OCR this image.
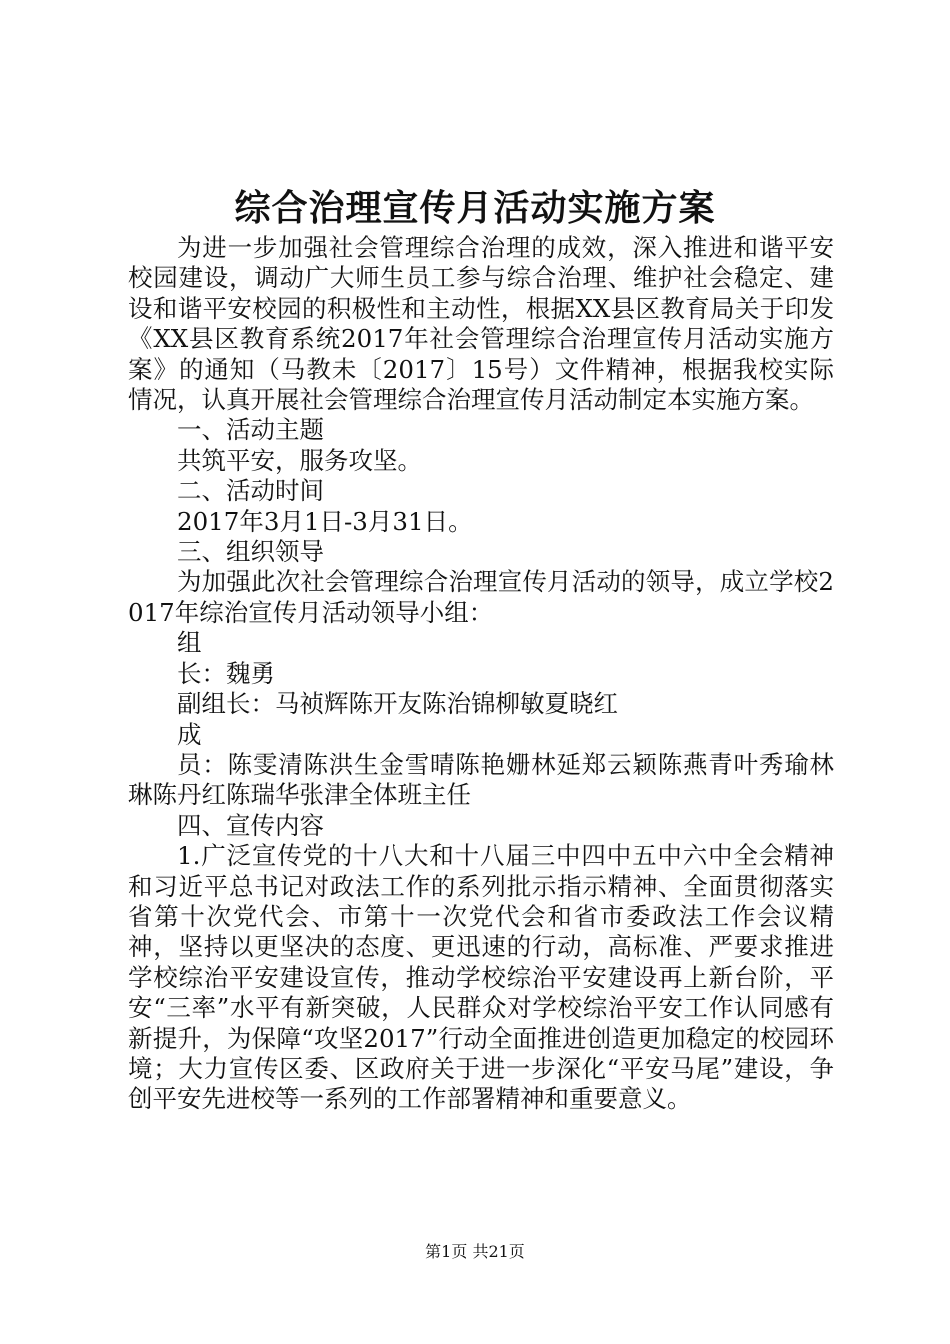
综合治理宣传月活动实施方案

为进一步加强社会管理综合治理的成效，深入推进和谐平安校园建设，调动广大师生员工参与综合治理、维护社会稳定、建设和谐平安校园的积极性和主动性，根据XX县区教育局关于印发《XX县区教育系统2017年社会管理综合治理宣传月活动实施方案》的通知（马教未〔2017〕15号）文件精神，根据我校实际情况，认真开展社会管理综合治理宣传月活动制定本实施方案。

一、活动主题

共筑平安，服务攻坚。

二、活动时间

2017年3月1日-3月31日。

三、组织领导

为加强此次社会管理综合治理宣传月活动的领导，成立学校2017年综治宣传月活动领导小组：

组

长：魏勇

副组长：马祯辉陈开友陈治锦柳敏夏晓红

成

员：陈雯清陈洪生金雪晴陈艳姗林延郑云颖陈燕青叶秀瑜林琳陈丹红陈瑞华张津全体班主任

四、宣传内容

1.广泛宣传党的十八大和十八届三中四中五中六中全会精神和习近平总书记对政法工作的系列批示指示精神、全面贯彻落实省第十次党代会、市第十一次党代会和省市委政法工作会议精神，坚持以更坚决的态度、更迅速的行动，高标准、严要求推进学校综治平安建设宣传，推动学校综治平安建设再上新台阶，平安“三率”水平有新突破，人民群众对学校综治平安工作认同感有新提升，为保障“攻坚2017”行动全面推进创造更加稳定的校园环境；大力宣传区委、区政府关于进一步深化“平安马尾”建设，争创平安先进校等一系列的工作部署精神和重要意义。

第1页 共21页
